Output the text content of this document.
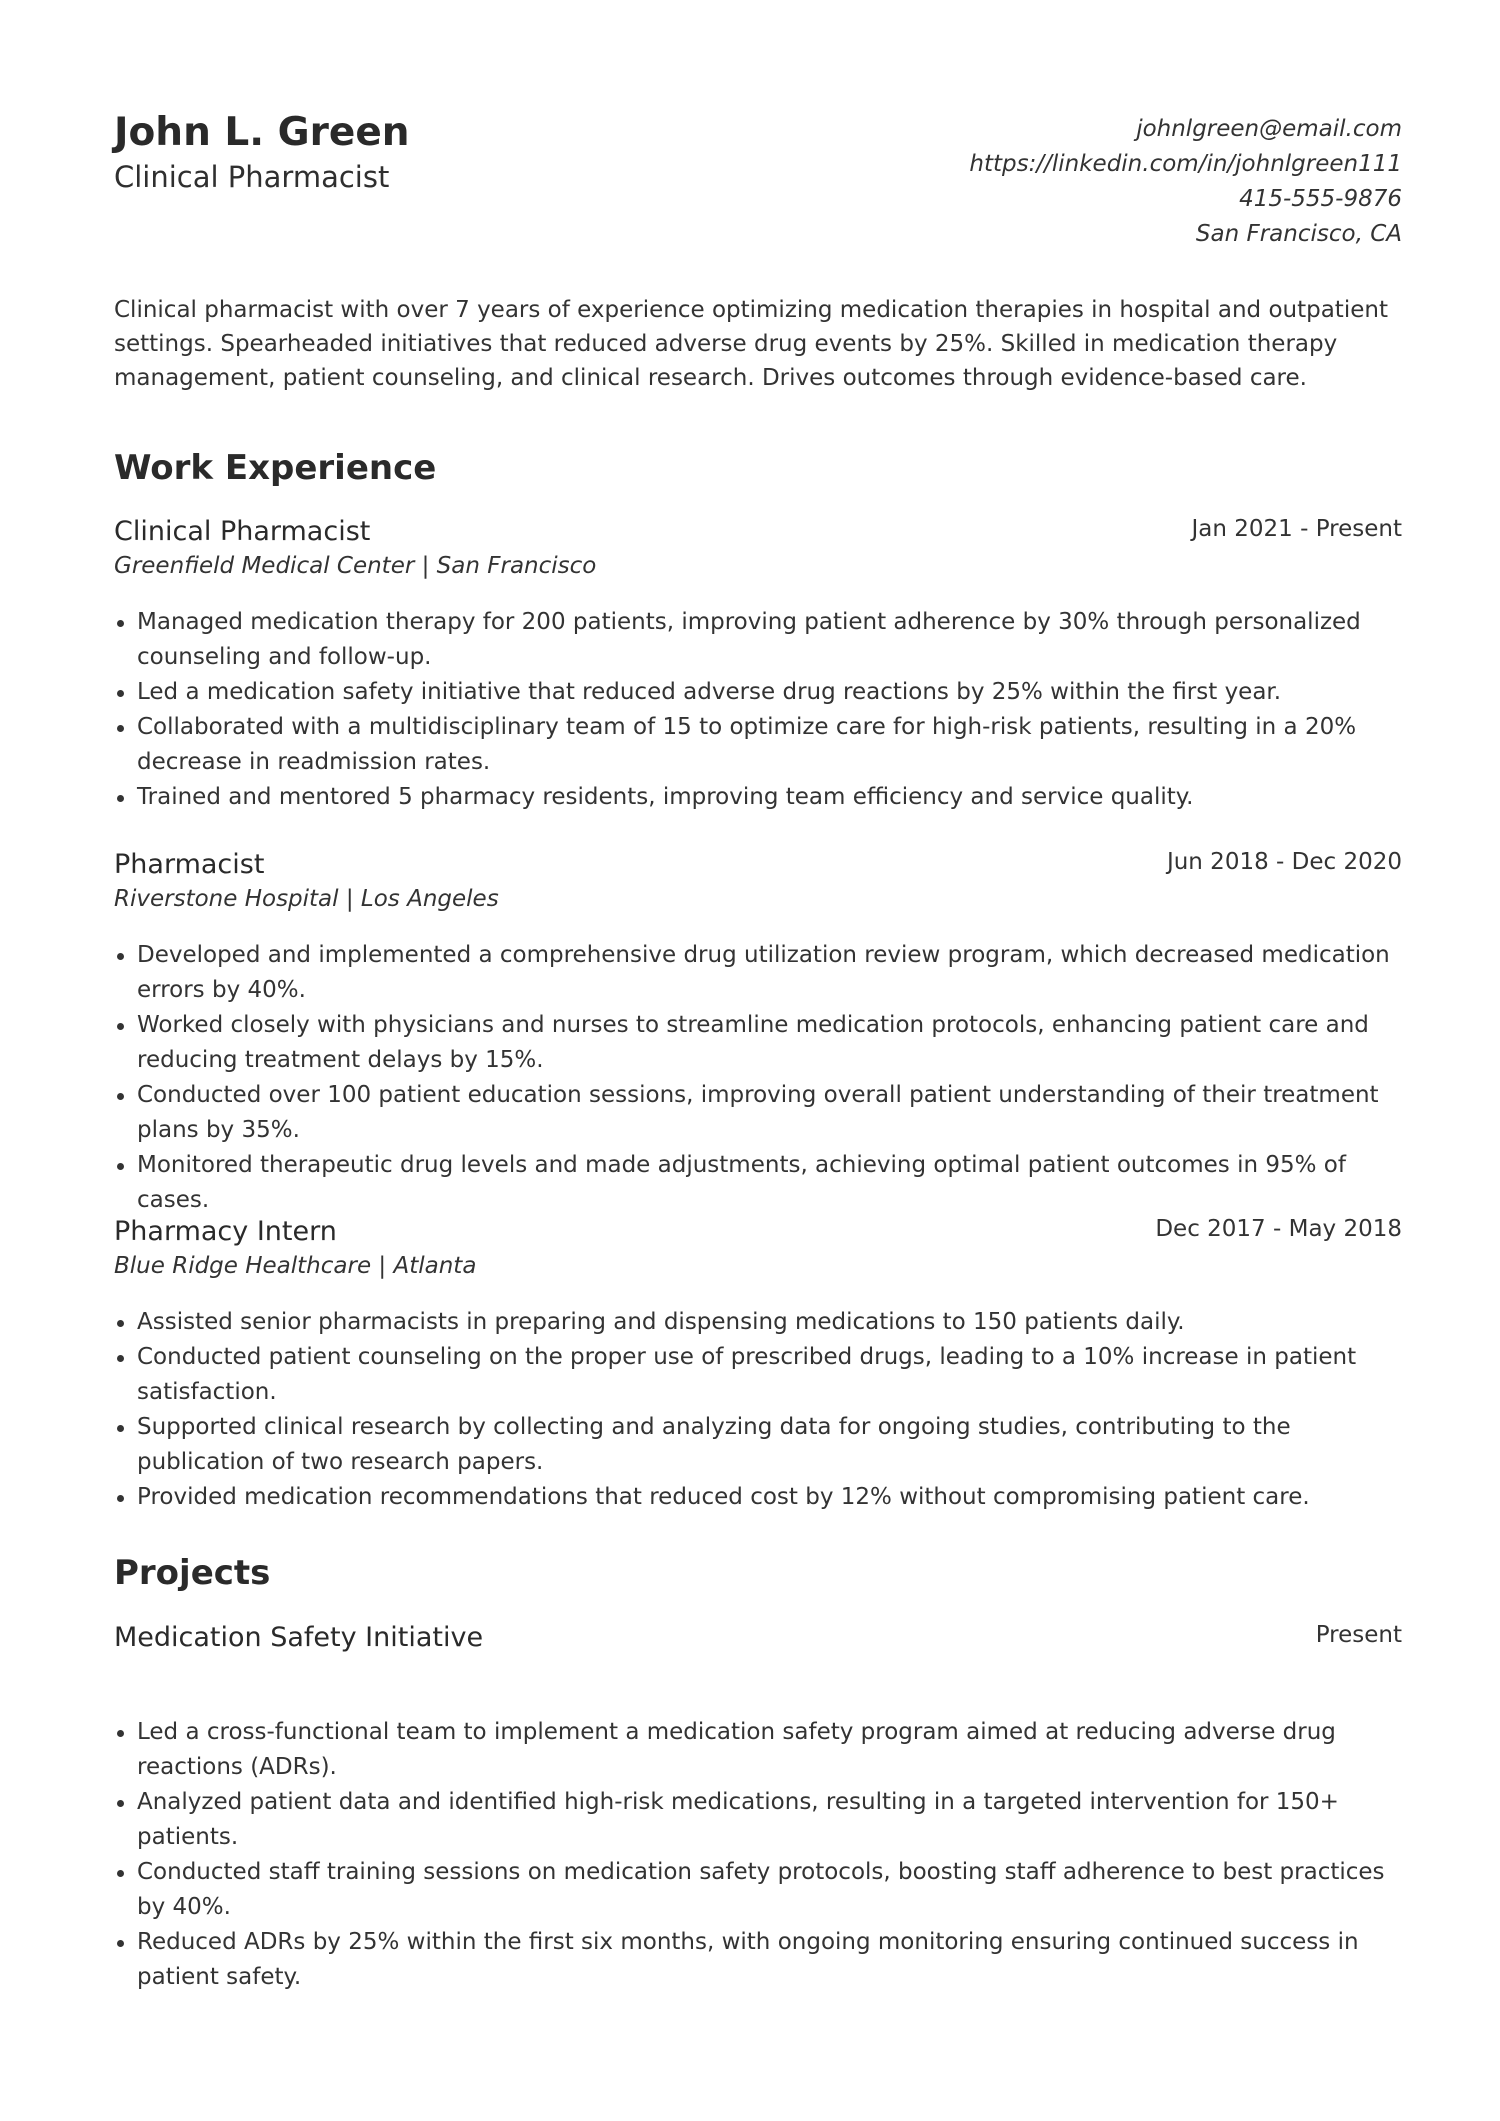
John L. Green
Clinical Pharmacist
johnlgreen@email.com
https://linkedin.com/in/johnlgreen111
415-555-9876
San Francisco, CA

Clinical pharmacist with over 7 years of experience optimizing medication therapies in hospital and outpatient settings. Spearheaded initiatives that reduced adverse drug events by 25%. Skilled in medication therapy management, patient counseling, and clinical research. Drives outcomes through evidence-based care.

Work Experience
Clinical Pharmacist	Jan 2021 - Present
Greenfield Medical Center | San Francisco
Managed medication therapy for 200 patients, improving patient adherence by 30% through personalized counseling and follow-up.
Led a medication safety initiative that reduced adverse drug reactions by 25% within the first year.
Collaborated with a multidisciplinary team of 15 to optimize care for high-risk patients, resulting in a 20% decrease in readmission rates.
Trained and mentored 5 pharmacy residents, improving team efficiency and service quality.
Pharmacist	Jun 2018 - Dec 2020
Riverstone Hospital | Los Angeles
Developed and implemented a comprehensive drug utilization review program, which decreased medication errors by 40%.
Worked closely with physicians and nurses to streamline medication protocols, enhancing patient care and reducing treatment delays by 15%.
Conducted over 100 patient education sessions, improving overall patient understanding of their treatment plans by 35%.
Monitored therapeutic drug levels and made adjustments, achieving optimal patient outcomes in 95% of cases.
Pharmacy Intern	Dec 2017 - May 2018
Blue Ridge Healthcare | Atlanta
Assisted senior pharmacists in preparing and dispensing medications to 150 patients daily.
Conducted patient counseling on the proper use of prescribed drugs, leading to a 10% increase in patient satisfaction.
Supported clinical research by collecting and analyzing data for ongoing studies, contributing to the publication of two research papers.
Provided medication recommendations that reduced cost by 12% without compromising patient care.
Projects
Medication Safety Initiative	Present
Led a cross-functional team to implement a medication safety program aimed at reducing adverse drug reactions (ADRs).
Analyzed patient data and identified high-risk medications, resulting in a targeted intervention for 150+ patients.
Conducted staff training sessions on medication safety protocols, boosting staff adherence to best practices by 40%.
Reduced ADRs by 25% within the first six months, with ongoing monitoring ensuring continued success in patient safety.
